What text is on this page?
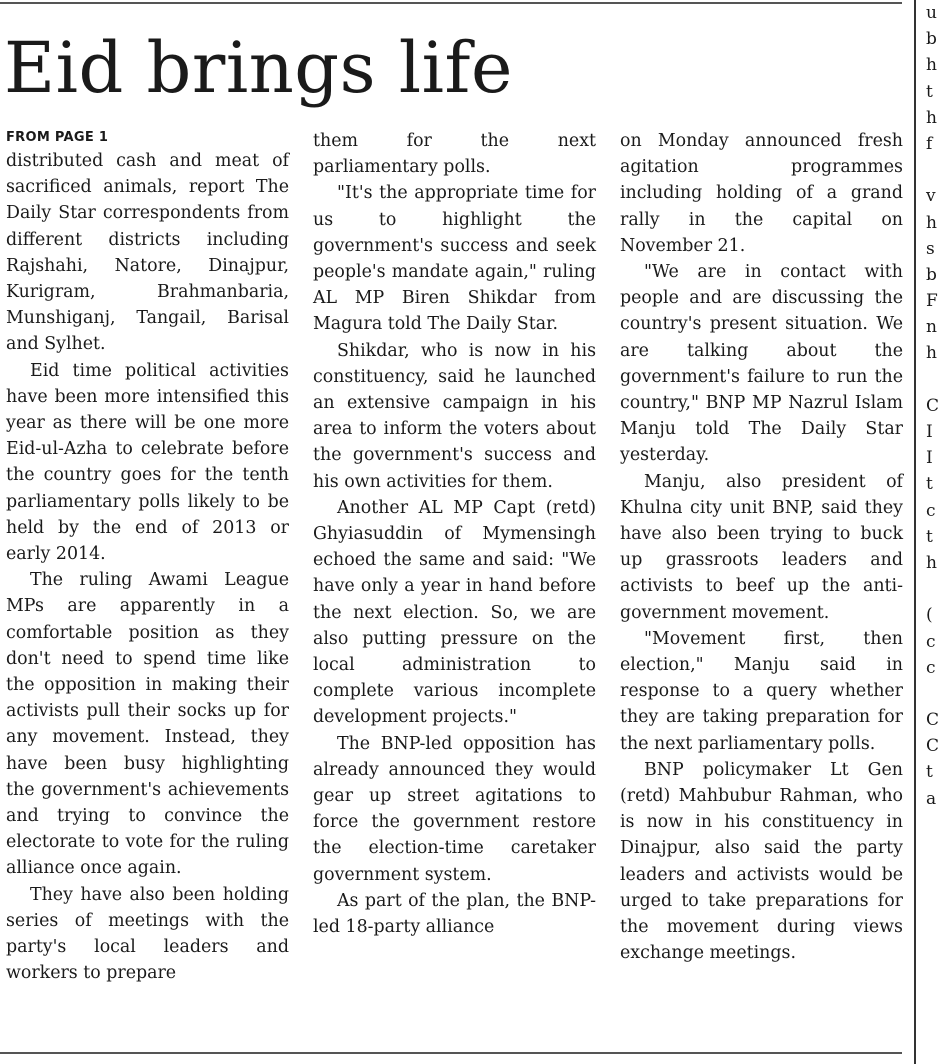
Eid brings life
FROM PAGE 1

distributed cash and meat of sacrificed animals, report The Daily Star correspondents from different districts including Rajshahi, Natore, Dinajpur, Kurigram, Brahmanbaria, Munshiganj, Tangail, Barisal and Sylhet.

Eid time political activities have been more intensified this year as there will be one more Eid-ul-Azha to celebrate before the country goes for the tenth parliamentary polls likely to be held by the end of 2013 or early 2014.

The ruling Awami League MPs are apparently in a comfortable position as they don't need to spend time like the opposition in making their activists pull their socks up for any movement. Instead, they have been busy highlighting the government's achievements and trying to convince the electorate to vote for the ruling alliance once again.

They have also been holding series of meetings with the party's local leaders and workers to prepare

them for the next parliamentary polls.

"It's the appropriate time for us to highlight the government's success and seek people's mandate again," ruling AL MP Biren Shikdar from Magura told The Daily Star.

Shikdar, who is now in his constituency, said he launched an extensive campaign in his area to inform the voters about the government's success and his own activities for them.

Another AL MP Capt (retd) Ghyiasuddin of Mymensingh echoed the same and said: "We have only a year in hand before the next election. So, we are also putting pressure on the local administration to complete various incomplete development projects."

The BNP-led opposition has already announced they would gear up street agitations to force the government restore the election-time caretaker government system.

As part of the plan, the BNP-led 18-party alliance

on Monday announced fresh agitation programmes including holding of a grand rally in the capital on November 21.

"We are in contact with people and are discussing the country's present situation. We are talking about the government's failure to run the country," BNP MP Nazrul Islam Manju told The Daily Star yesterday.

Manju, also president of Khulna city unit BNP, said they have also been trying to buck up grassroots leaders and activists to beef up the anti-government movement.

"Movement first, then election," Manju said in response to a query whether they are taking preparation for the next parliamentary polls.

BNP policymaker Lt Gen (retd) Mahbubur Rahman, who is now in his constituency in Dinajpur, also said the party leaders and activists would be urged to take preparations for the movement during views exchange meetings.

u
b
h
t
h
f
v
h
s
b
F
n
h
C
I
I
t
c
t
h
(
c
c
C
C
t
a
